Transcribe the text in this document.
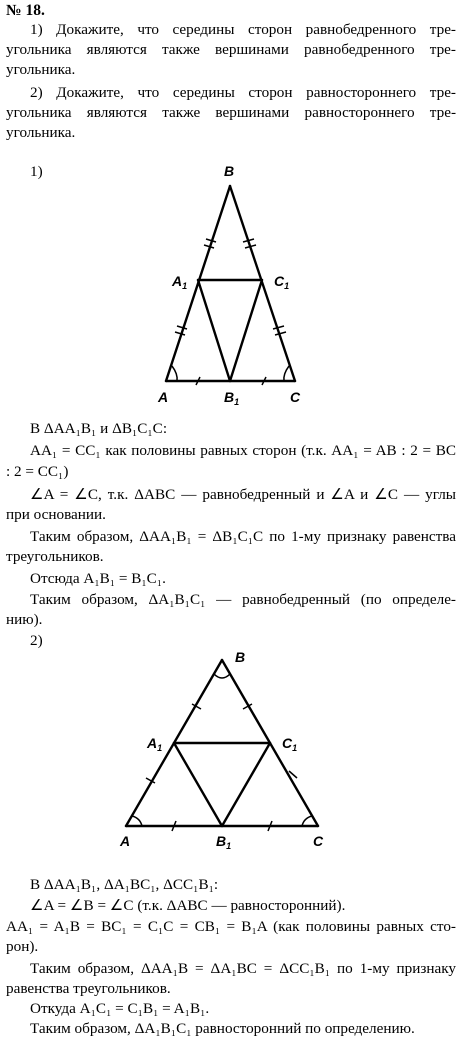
№ 18.
1) Докажите, что середины сторон равнобедренного тре-
угольника являются также вершинами равнобедренного тре-
угольника.
2) Докажите, что середины сторон равностороннего тре-
угольника являются также вершинами равностороннего тре-
угольника.
1)	B
$A_1$	$C_1$
A	$B_1$	C
В ΔAA₁B₁ и ΔB₁C₁C:
AA₁ = CC₁ как половины равных сторон (т.к. AA₁ = AB : 2 = BC
: 2 = CC₁)
∠A = ∠C, т.к. ΔABC — равнобедренный и ∠A и ∠C — углы
при основании.
Таким образом, ΔAA₁B₁ = ΔB₁C₁C по 1-му признаку равенства
треугольников.
Отсюда A₁B₁ = B₁C₁.
Таким образом, ΔA₁B₁C₁ — равнобедренный (по определе-
нию).
2)
B
$A_1$	$C_1$
A	$B_1$	C
В ΔAA₁B₁, ΔA₁BC₁, ΔCC₁B₁:
∠A = ∠B = ∠C (т.к. ΔABC — равносторонний).
AA₁ = A₁B = BC₁ = C₁C = CB₁ = B₁A (как половины равных сто-
рон).
Таким образом, ΔAA₁B = ΔA₁BC = ΔCC₁B₁ по 1-му признаку
равенства треугольников.
Откуда A₁C₁ = C₁B₁ = A₁B₁.
Таким образом, ΔA₁B₁C₁ равносторонний по определению.
